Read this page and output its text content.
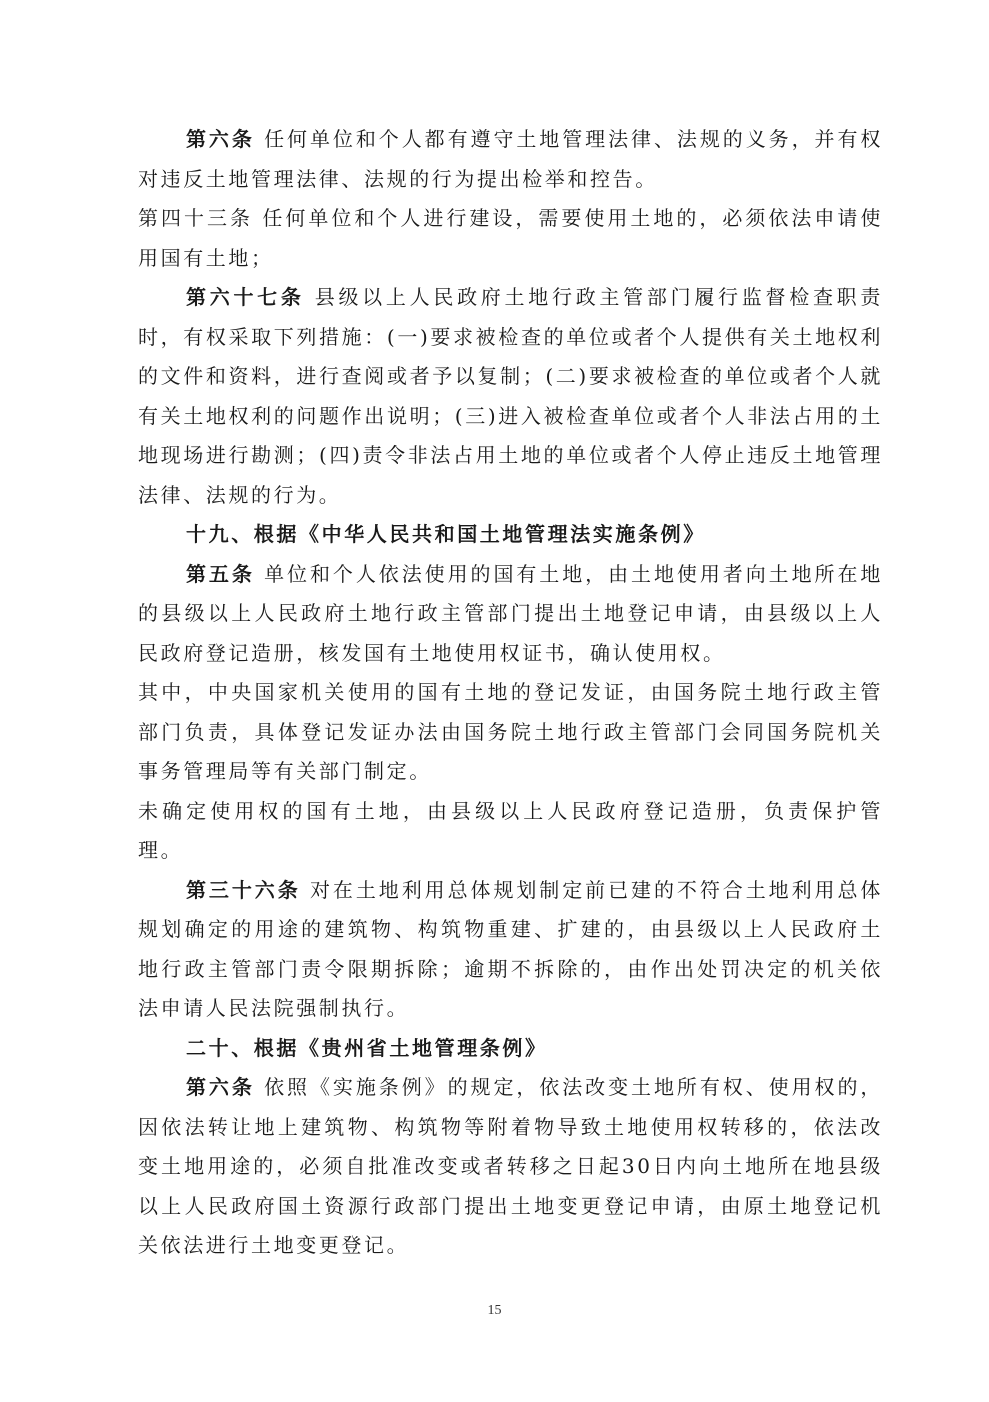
第六条 任何单位和个人都有遵守土地管理法律、法规的义务，并有权对违反土地管理法律、法规的行为提出检举和控告。

第四十三条 任何单位和个人进行建设，需要使用土地的，必须依法申请使用国有土地；

第六十七条 县级以上人民政府土地行政主管部门履行监督检查职责时，有权采取下列措施：(一)要求被检查的单位或者个人提供有关土地权利的文件和资料，进行查阅或者予以复制；(二)要求被检查的单位或者个人就有关土地权利的问题作出说明；(三)进入被检查单位或者个人非法占用的土地现场进行勘测；(四)责令非法占用土地的单位或者个人停止违反土地管理法律、法规的行为。

十九、根据《中华人民共和国土地管理法实施条例》

第五条 单位和个人依法使用的国有土地，由土地使用者向土地所在地的县级以上人民政府土地行政主管部门提出土地登记申请，由县级以上人民政府登记造册，核发国有土地使用权证书，确认使用权。

其中，中央国家机关使用的国有土地的登记发证，由国务院土地行政主管部门负责，具体登记发证办法由国务院土地行政主管部门会同国务院机关事务管理局等有关部门制定。

未确定使用权的国有土地，由县级以上人民政府登记造册，负责保护管理。

第三十六条 对在土地利用总体规划制定前已建的不符合土地利用总体规划确定的用途的建筑物、构筑物重建、扩建的，由县级以上人民政府土地行政主管部门责令限期拆除；逾期不拆除的，由作出处罚决定的机关依法申请人民法院强制执行。

二十、根据《贵州省土地管理条例》

第六条 依照《实施条例》的规定，依法改变土地所有权、使用权的，因依法转让地上建筑物、构筑物等附着物导致土地使用权转移的，依法改变土地用途的，必须自批准改变或者转移之日起30日内向土地所在地县级以上人民政府国土资源行政部门提出土地变更登记申请，由原土地登记机关依法进行土地变更登记。

15
